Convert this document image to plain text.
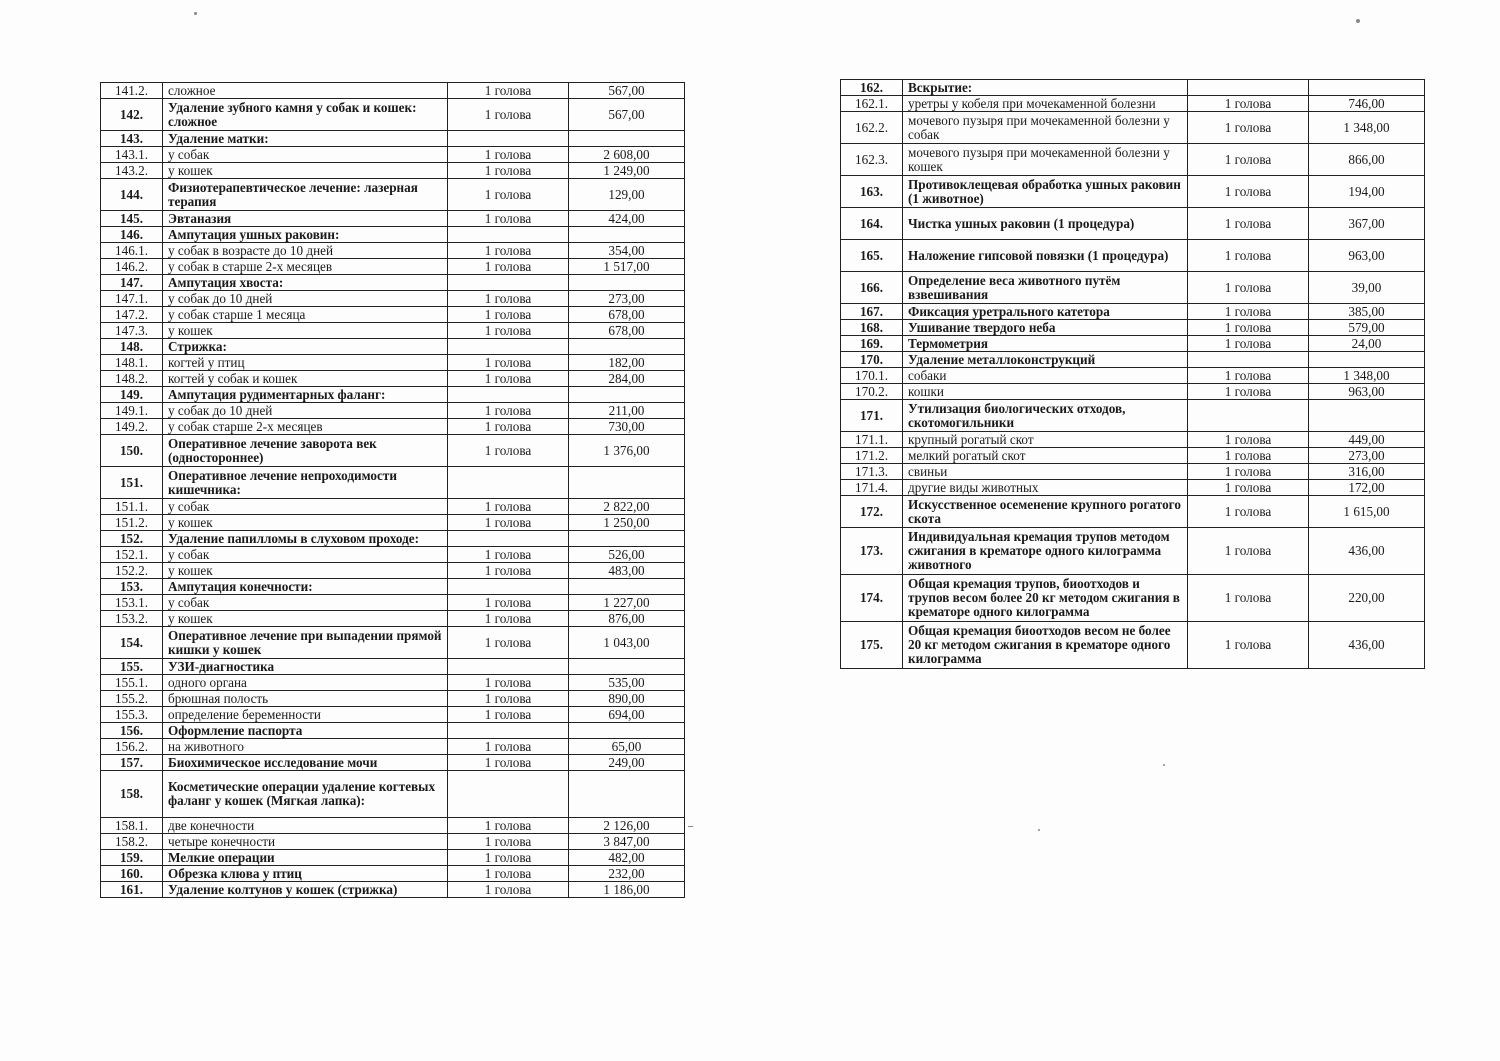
141.2.	сложное	1 голова	567,00
142.	Удаление зубного камня у собак и кошек: сложное	1 голова	567,00
143.	Удаление матки:		
143.1.	у собак	1 голова	2 608,00
143.2.	у кошек	1 голова	1 249,00
144.	Физиотерапевтическое лечение: лазерная терапия	1 голова	129,00
145.	Эвтаназия	1 голова	424,00
146.	Ампутация ушных раковин:		
146.1.	у собак в возрасте до 10 дней	1 голова	354,00
146.2.	у собак в старше 2-х месяцев	1 голова	1 517,00
147.	Ампутация хвоста:		
147.1.	у собак до 10 дней	1 голова	273,00
147.2.	у собак старше 1 месяца	1 голова	678,00
147.3.	у кошек	1 голова	678,00
148.	Стрижка:		
148.1.	когтей у птиц	1 голова	182,00
148.2.	когтей у собак и кошек	1 голова	284,00
149.	Ампутация рудиментарных фаланг:		
149.1.	у собак до 10 дней	1 голова	211,00
149.2.	у собак старше 2-х месяцев	1 голова	730,00
150.	Оперативное лечение заворота век (одностороннее)	1 голова	1 376,00
151.	Оперативное лечение непроходимости кишечника:		
151.1.	у собак	1 голова	2 822,00
151.2.	у кошек	1 голова	1 250,00
152.	Удаление папилломы в слуховом проходе:		
152.1.	у собак	1 голова	526,00
152.2.	у кошек	1 голова	483,00
153.	Ампутация конечности:		
153.1.	у собак	1 голова	1 227,00
153.2.	у кошек	1 голова	876,00
154.	Оперативное лечение при выпадении прямой кишки у кошек	1 голова	1 043,00
155.	УЗИ-диагностика		
155.1.	одного органа	1 голова	535,00
155.2.	брюшная полость	1 голова	890,00
155.3.	определение беременности	1 голова	694,00
156.	Оформление паспорта		
156.2.	на животного	1 голова	65,00
157.	Биохимическое исследование мочи	1 голова	249,00
158.	Косметические операции удаление когтевых фаланг у кошек (Мягкая лапка):		
158.1.	две конечности	1 голова	2 126,00
158.2.	четыре конечности	1 голова	3 847,00
159.	Мелкие операции	1 голова	482,00
160.	Обрезка клюва у птиц	1 голова	232,00
161.	Удаление колтунов у кошек (стрижка)	1 голова	1 186,00
162.	Вскрытие:		
162.1.	уретры у кобеля при мочекаменной болезни	1 голова	746,00
162.2.	мочевого пузыря при мочекаменной болезни у собак	1 голова	1 348,00
162.3.	мочевого пузыря при мочекаменной болезни у кошек	1 голова	866,00
163.	Противоклещевая обработка ушных раковин (1 животное)	1 голова	194,00
164.	Чистка ушных раковин (1 процедура)	1 голова	367,00
165.	Наложение гипсовой повязки (1 процедура)	1 голова	963,00
166.	Определение веса животного путём взвешивания	1 голова	39,00
167.	Фиксация уретрального катетора	1 голова	385,00
168.	Ушивание твердого неба	1 голова	579,00
169.	Термометрия	1 голова	24,00
170.	Удаление металлоконструкций		
170.1.	собаки	1 голова	1 348,00
170.2.	кошки	1 голова	963,00
171.	Утилизация биологических отходов, скотомогильники		
171.1.	крупный рогатый скот	1 голова	449,00
171.2.	мелкий рогатый скот	1 голова	273,00
171.3.	свиньи	1 голова	316,00
171.4.	другие виды животных	1 голова	172,00
172.	Искусственное осеменение крупного рогатого скота	1 голова	1 615,00
173.	Индивидуальная кремация трупов методом сжигания в крематоре одного килограмма животного	1 голова	436,00
174.	Общая кремация трупов, биоотходов и трупов весом более 20 кг методом сжигания в крематоре одного килограмма	1 голова	220,00
175.	Общая кремация биоотходов весом не более 20 кг методом сжигания в крематоре одного килограмма	1 голова	436,00
